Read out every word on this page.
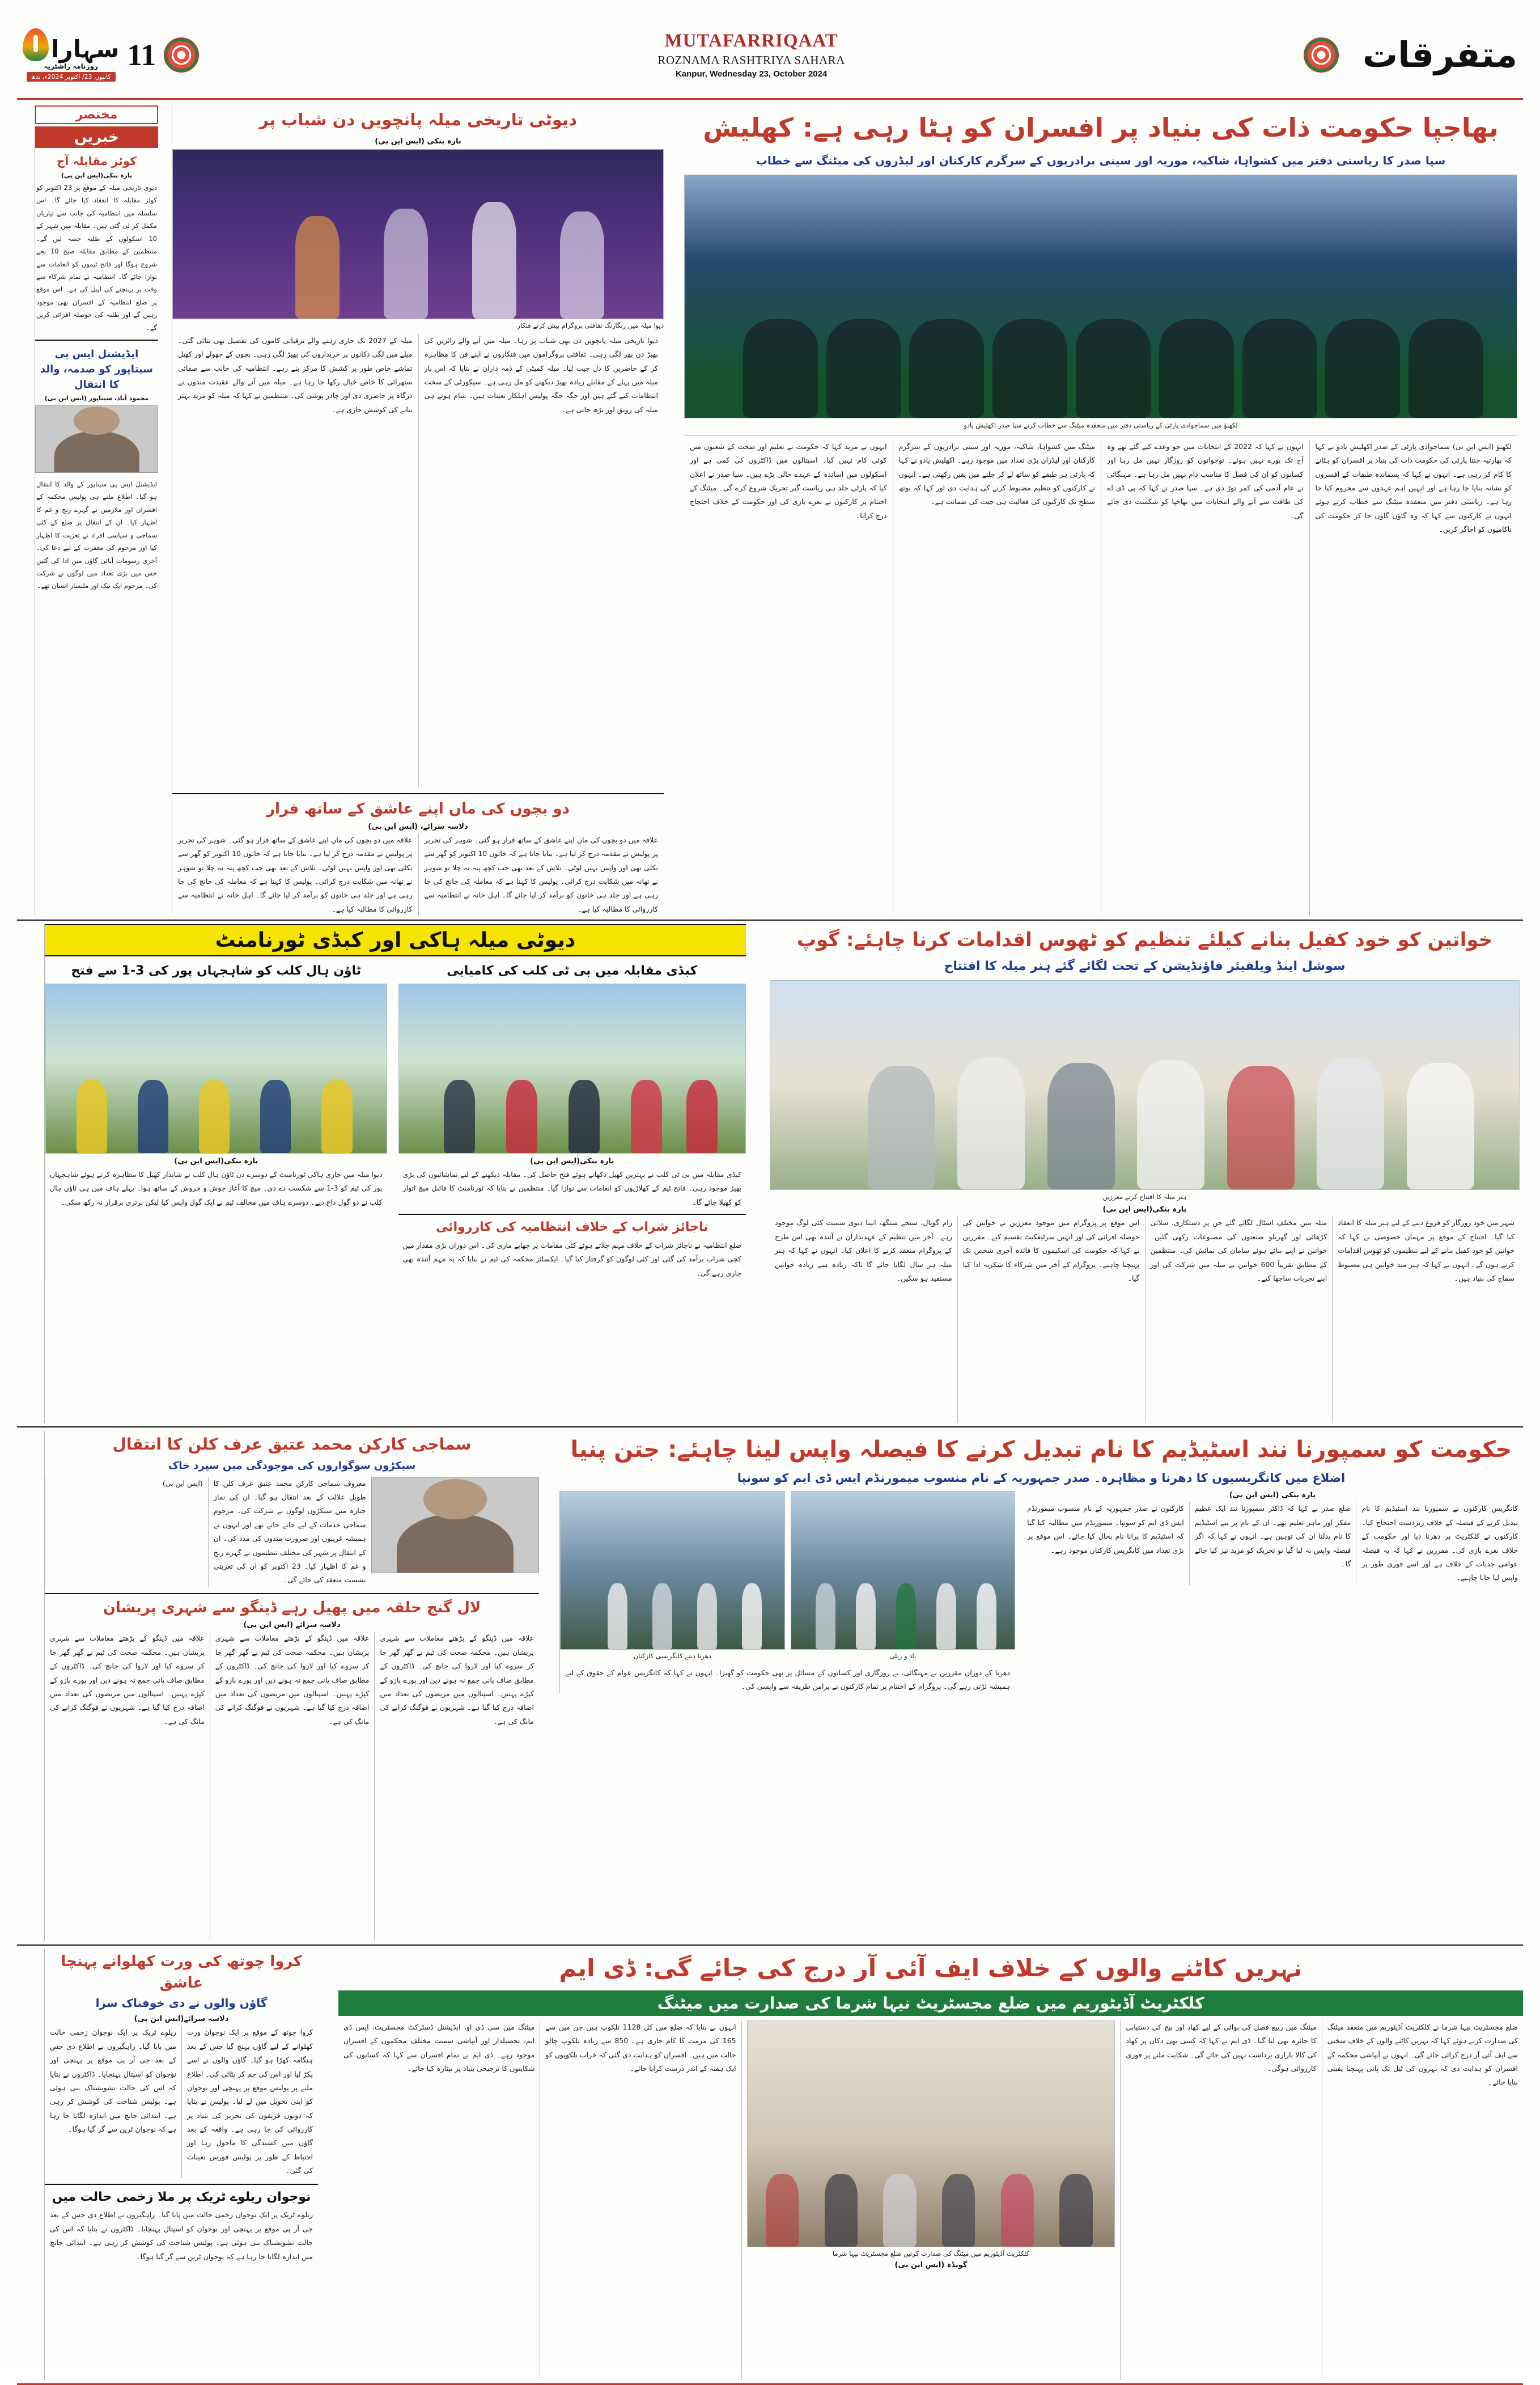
متفرقات
MUTAFARRIQAAT
ROZNAMA RASHTRIYA SAHARA
Kanpur, Wednesday 23, October 2024
11
سہارا
روزنامہ راشٹریہ
کانپور، 23/ اکتوبر 2024ء، بدھ
بھاجپا حکومت ذات کی بنیاد پر افسران کو ہٹا رہی ہے: کھلیش
سپا صدر کا ریاستی دفتر میں کشواہا، شاکیہ، موریہ اور سینی برادریوں کے سرگرم کارکنان اور لیڈروں کی میٹنگ سے خطاب
لکھنؤ میں سماجوادی پارٹی کے ریاستی دفتر میں منعقدہ میٹنگ سے خطاب کرتے سپا صدر اکھلیش یادو
لکھنؤ (ایس این بی) سماجوادی پارٹی کے صدر اکھلیش یادو نے کہا کہ بھارتیہ جنتا پارٹی کی حکومت ذات کی بنیاد پر افسران کو ہٹانے کا کام کر رہی ہے۔ انہوں نے کہا کہ پسماندہ طبقات کے افسروں کو نشانہ بنایا جا رہا ہے اور انہیں اہم عہدوں سے محروم کیا جا رہا ہے۔ ریاستی دفتر میں منعقدہ میٹنگ سے خطاب کرتے ہوئے انہوں نے کارکنوں سے کہا کہ وہ گاؤں گاؤں جا کر حکومت کی ناکامیوں کو اجاگر کریں۔
انہوں نے کہا کہ 2022 کے انتخابات میں جو وعدے کیے گئے تھے وہ آج تک پورے نہیں ہوئے۔ نوجوانوں کو روزگار نہیں مل رہا اور کسانوں کو ان کی فصل کا مناسب دام نہیں مل رہا ہے۔ مہنگائی نے عام آدمی کی کمر توڑ دی ہے۔ سپا صدر نے کہا کہ پی ڈی اے کی طاقت سے آنے والے انتخابات میں بھاجپا کو شکست دی جائے گی۔
میٹنگ میں کشواہا، شاکیہ، موریہ اور سینی برادریوں کے سرگرم کارکنان اور لیڈران بڑی تعداد میں موجود رہے۔ اکھلیش یادو نے کہا کہ پارٹی ہر طبقے کو ساتھ لے کر چلنے میں یقین رکھتی ہے۔ انہوں نے کارکنوں کو تنظیم مضبوط کرنے کی ہدایت دی اور کہا کہ بوتھ سطح تک کارکنوں کی فعالیت ہی جیت کی ضمانت ہے۔
انہوں نے مزید کہا کہ حکومت نے تعلیم اور صحت کے شعبوں میں کوئی کام نہیں کیا۔ اسپتالوں میں ڈاکٹروں کی کمی ہے اور اسکولوں میں اساتذہ کے عہدے خالی پڑے ہیں۔ سپا صدر نے اعلان کیا کہ پارٹی جلد ہی ریاست گیر تحریک شروع کرے گی۔ میٹنگ کے اختتام پر کارکنوں نے نعرے بازی کی اور حکومت کے خلاف احتجاج درج کرایا۔
دیوٹی تاریخی میلہ پانچویں دن شباب پر
بارہ بنکی (ایس این بی)
دیوا میلہ میں رنگارنگ ثقافتی پروگرام پیش کرتے فنکار
دیوا تاریخی میلہ پانچویں دن بھی شباب پر رہا۔ میلہ میں آنے والے زائرین کی بھیڑ دن بھر لگی رہی۔ ثقافتی پروگراموں میں فنکاروں نے اپنے فن کا مظاہرہ کر کے حاضرین کا دل جیت لیا۔ میلہ کمیٹی کے ذمہ داران نے بتایا کہ اس بار میلہ میں پہلے کے مقابلے زیادہ بھیڑ دیکھنے کو مل رہی ہے۔ سیکورٹی کے سخت انتظامات کیے گئے ہیں اور جگہ جگہ پولیس اہلکار تعینات ہیں۔ شام ہوتے ہی میلہ کی رونق اور بڑھ جاتی ہے۔
میلہ کے 2027 تک جاری رہنے والے ترقیاتی کاموں کی تفصیل بھی بتائی گئی۔ میلے میں لگی دکانوں پر خریداروں کی بھیڑ لگی رہی۔ بچوں کے جھولے اور کھیل تماشے خاص طور پر کشش کا مرکز بنے رہے۔ انتظامیہ کی جانب سے صفائی ستھرائی کا خاص خیال رکھا جا رہا ہے۔ میلہ میں آنے والے عقیدت مندوں نے درگاہ پر حاضری دی اور چادر پوشی کی۔ منتظمین نے کہا کہ میلہ کو مزید بہتر بنانے کی کوشش جاری ہے۔
دو بچوں کی ماں اپنے عاشق کے ساتھ فرار
دلاسہ سرائے، (ایس این بی)
علاقہ میں دو بچوں کی ماں اپنے عاشق کے ساتھ فرار ہو گئی۔ شوہر کی تحریر پر پولیس نے مقدمہ درج کر لیا ہے۔ بتایا جاتا ہے کہ خاتون 10 اکتوبر کو گھر سے نکلی تھی اور واپس نہیں لوٹی۔ تلاش کے بعد بھی جب کچھ پتہ نہ چلا تو شوہر نے تھانہ میں شکایت درج کرائی۔ پولیس کا کہنا ہے کہ معاملہ کی جانچ کی جا رہی ہے اور جلد ہی خاتون کو برآمد کر لیا جائے گا۔ اہل خانہ نے انتظامیہ سے کارروائی کا مطالبہ کیا ہے۔
علاقہ میں دو بچوں کی ماں اپنے عاشق کے ساتھ فرار ہو گئی۔ شوہر کی تحریر پر پولیس نے مقدمہ درج کر لیا ہے۔ بتایا جاتا ہے کہ خاتون 10 اکتوبر کو گھر سے نکلی تھی اور واپس نہیں لوٹی۔ تلاش کے بعد بھی جب کچھ پتہ نہ چلا تو شوہر نے تھانہ میں شکایت درج کرائی۔ پولیس کا کہنا ہے کہ معاملہ کی جانچ کی جا رہی ہے اور جلد ہی خاتون کو برآمد کر لیا جائے گا۔ اہل خانہ نے انتظامیہ سے کارروائی کا مطالبہ کیا ہے۔
مختصر
خبریں
کوئز مقابلہ آج
بارہ بنکی(ایس این بی)
دیوی تاریخی میلہ کے موقع پر 23 اکتوبر کو کوئز مقابلہ کا انعقاد کیا جائے گا۔ اس سلسلہ میں انتظامیہ کی جانب سے تیاریاں مکمل کر لی گئی ہیں۔ مقابلہ میں شہر کے 10 اسکولوں کے طلبہ حصہ لیں گے۔ منتظمین کے مطابق مقابلہ صبح 10 بجے شروع ہوگا اور فاتح ٹیموں کو انعامات سے نوازا جائے گا۔ انتظامیہ نے تمام شرکاء سے وقت پر پہنچنے کی اپیل کی ہے۔ اس موقع پر ضلع انتظامیہ کے افسران بھی موجود رہیں گے اور طلبہ کی حوصلہ افزائی کریں گے۔
ایڈیشنل ایس پی سیتاپور کو صدمہ، والد کا انتقال
محمود آباد، سیتاپور (ایس این بی)
ایڈیشنل ایس پی سیتاپور کے والد کا انتقال ہو گیا۔ اطلاع ملتے ہی پولیس محکمہ کے افسران اور ملازمین نے گہرے رنج و غم کا اظہار کیا۔ ان کے انتقال پر ضلع کے کئی سماجی و سیاسی افراد نے تعزیت کا اظہار کیا اور مرحوم کی مغفرت کے لیے دعا کی۔ آخری رسومات آبائی گاؤں میں ادا کی گئیں جس میں بڑی تعداد میں لوگوں نے شرکت کی۔ مرحوم ایک نیک اور ملنسار انسان تھے۔
خواتین کو خود کفیل بنانے کیلئے تنظیم کو ٹھوس اقدامات کرنا چاہئے: گوپ
سوشل اینڈ ویلفیئر فاؤنڈیشن کے تحت لگائے گئے ہنر میلہ کا افتتاح
ہنر میلہ کا افتتاح کرتے معززین
بارہ بنکی(ایس این بی)
شہر میں خود روزگار کو فروغ دینے کے لیے ہنر میلہ کا انعقاد کیا گیا۔ افتتاح کے موقع پر مہمان خصوصی نے کہا کہ خواتین کو خود کفیل بنانے کے لیے تنظیموں کو ٹھوس اقدامات کرنے ہوں گے۔ انہوں نے کہا کہ ہنر مند خواتین ہی مضبوط سماج کی بنیاد ہیں۔
میلہ میں مختلف اسٹال لگائے گئے جن پر دستکاری، سلائی کڑھائی اور گھریلو صنعتوں کی مصنوعات رکھی گئیں۔ خواتین نے اپنے بنائے ہوئے سامان کی نمائش کی۔ منتظمین کے مطابق تقریباً 600 خواتین نے میلہ میں شرکت کی اور اپنے تجربات ساجھا کیے۔
اس موقع پر پروگرام میں موجود معززین نے خواتین کی حوصلہ افزائی کی اور انہیں سرٹیفکیٹ تقسیم کیے۔ مقررین نے کہا کہ حکومت کی اسکیموں کا فائدہ آخری شخص تک پہنچنا چاہیے۔ پروگرام کے آخر میں شرکاء کا شکریہ ادا کیا گیا۔
رام گوپال، سنجے سنگھ، انیتا دیوی سمیت کئی لوگ موجود رہے۔ آخر میں تنظیم کے عہدیداران نے آئندہ بھی اس طرح کے پروگرام منعقد کرنے کا اعلان کیا۔ انہوں نے کہا کہ ہنر میلہ ہر سال لگایا جائے گا تاکہ زیادہ سے زیادہ خواتین مستفید ہو سکیں۔
دیوٹی میلہ ہاکی اور کبڈی ٹورنامنٹ
کبڈی مقابلہ میں بی ٹی کلب کی کامیابی
بارہ بنکی(ایس این بی)
کبڈی مقابلہ میں بی ٹی کلب نے بہترین کھیل دکھاتے ہوئے فتح حاصل کی۔ مقابلہ دیکھنے کے لیے تماشائیوں کی بڑی بھیڑ موجود رہی۔ فاتح ٹیم کے کھلاڑیوں کو انعامات سے نوازا گیا۔ منتظمین نے بتایا کہ ٹورنامنٹ کا فائنل میچ اتوار کو کھیلا جائے گا۔
ناجائز شراب کے خلاف انتظامیہ کی کارروائی
ضلع انتظامیہ نے ناجائز شراب کے خلاف مہم چلاتے ہوئے کئی مقامات پر چھاپے ماری کی۔ اس دوران بڑی مقدار میں کچی شراب برآمد کی گئی اور کئی لوگوں کو گرفتار کیا گیا۔ ایکسائز محکمہ کی ٹیم نے بتایا کہ یہ مہم آئندہ بھی جاری رہے گی۔
ٹاؤن ہال کلب کو شاہجہاں پور کی 3-1 سے فتح
بارہ بنکی(ایس این بی)
دیوا میلہ میں جاری ہاکی ٹورنامنٹ کے دوسرے دن ٹاؤن ہال کلب نے شاندار کھیل کا مظاہرہ کرتے ہوئے شاہجہاں پور کی ٹیم کو 3-1 سے شکست دے دی۔ میچ کا آغاز جوش و خروش کے ساتھ ہوا۔ پہلے ہاف میں ہی ٹاؤن ہال کلب نے دو گول داغ دیے۔ دوسرے ہاف میں مخالف ٹیم نے ایک گول واپس کیا لیکن برتری برقرار نہ رکھ سکی۔
حکومت کو سمپورنا نند اسٹیڈیم کا نام تبدیل کرنے کا فیصلہ واپس لینا چاہئے: جتن پنیا
اضلاع میں کانگریسیوں کا دھرنا و مظاہرہ۔ صدر جمہوریہ کے نام منسوب میمورنڈم ایس ڈی ایم کو سونپا
بارہ بنکی (ایس این بی)
کانگریس کارکنوں نے سمپورنا نند اسٹیڈیم کا نام تبدیل کرنے کے فیصلہ کے خلاف زبردست احتجاج کیا۔ کارکنوں نے کلکٹریٹ پر دھرنا دیا اور حکومت کے خلاف نعرے بازی کی۔ مقررین نے کہا کہ یہ فیصلہ عوامی جذبات کے خلاف ہے اور اسے فوری طور پر واپس لیا جانا چاہیے۔
ضلع صدر نے کہا کہ ڈاکٹر سمپورنا نند ایک عظیم مفکر اور ماہر تعلیم تھے۔ ان کے نام پر بنے اسٹیڈیم کا نام بدلنا ان کی توہین ہے۔ انہوں نے کہا کہ اگر فیصلہ واپس نہ لیا گیا تو تحریک کو مزید تیز کیا جائے گا۔
کارکنوں نے صدر جمہوریہ کے نام منسوب میمورنڈم ایس ڈی ایم کو سونپا۔ میمورنڈم میں مطالبہ کیا گیا کہ اسٹیڈیم کا پرانا نام بحال کیا جائے۔ اس موقع پر بڑی تعداد میں کانگریس کارکنان موجود رہے۔
یاد و ریلی
دھرنا دیتے کانگریسی کارکنان
دھرنا کے دوران مقررین نے مہنگائی، بے روزگاری اور کسانوں کے مسائل پر بھی حکومت کو گھیرا۔ انہوں نے کہا کہ کانگریس عوام کے حقوق کے لیے ہمیشہ لڑتی رہے گی۔ پروگرام کے اختتام پر تمام کارکنوں نے پرامن طریقہ سے واپسی کی۔
سماجی کارکن محمد عتیق عرف کلن کا انتقال
سیکڑوں سوگواروں کی موجودگی میں سپرد خاک
معروف سماجی کارکن محمد عتیق عرف کلن کا طویل علالت کے بعد انتقال ہو گیا۔ ان کی نماز جنازہ میں سیکڑوں لوگوں نے شرکت کی۔ مرحوم سماجی خدمات کے لیے جانے جاتے تھے اور انہوں نے ہمیشہ غریبوں اور ضرورت مندوں کی مدد کی۔ ان کے انتقال پر شہر کی مختلف تنظیموں نے گہرے رنج و غم کا اظہار کیا۔ 23 اکتوبر کو ان کی تعزیتی نشست منعقد کی جائے گی۔
(ایس این بی)
لال گنج حلقہ میں پھیل رہے ڈینگو سے شہری پریشان
دلاسہ سرائے (ایس این بی)
علاقہ میں ڈینگو کے بڑھتے معاملات سے شہری پریشان ہیں۔ محکمہ صحت کی ٹیم نے گھر گھر جا کر سروے کیا اور لاروا کی جانچ کی۔ ڈاکٹروں کے مطابق صاف پانی جمع نہ ہونے دیں اور پورے بازو کے کپڑے پہنیں۔ اسپتالوں میں مریضوں کی تعداد میں اضافہ درج کیا گیا ہے۔ شہریوں نے فوگنگ کرانے کی مانگ کی ہے۔
علاقہ میں ڈینگو کے بڑھتے معاملات سے شہری پریشان ہیں۔ محکمہ صحت کی ٹیم نے گھر گھر جا کر سروے کیا اور لاروا کی جانچ کی۔ ڈاکٹروں کے مطابق صاف پانی جمع نہ ہونے دیں اور پورے بازو کے کپڑے پہنیں۔ اسپتالوں میں مریضوں کی تعداد میں اضافہ درج کیا گیا ہے۔ شہریوں نے فوگنگ کرانے کی مانگ کی ہے۔
علاقہ میں ڈینگو کے بڑھتے معاملات سے شہری پریشان ہیں۔ محکمہ صحت کی ٹیم نے گھر گھر جا کر سروے کیا اور لاروا کی جانچ کی۔ ڈاکٹروں کے مطابق صاف پانی جمع نہ ہونے دیں اور پورے بازو کے کپڑے پہنیں۔ اسپتالوں میں مریضوں کی تعداد میں اضافہ درج کیا گیا ہے۔ شہریوں نے فوگنگ کرانے کی مانگ کی ہے۔
نہریں کاٹنے والوں کے خلاف ایف آئی آر درج کی جائے گی: ڈی ایم
کلکٹریٹ آڈیٹوریم میں ضلع مجسٹریٹ نیہا شرما کی صدارت میں میٹنگ
ضلع مجسٹریٹ نیہا شرما نے کلکٹریٹ آڈیٹوریم میں منعقد میٹنگ کی صدارت کرتے ہوئے کہا کہ نہریں کاٹنے والوں کے خلاف سختی سے ایف آئی آر درج کرائی جائے گی۔ انہوں نے آبپاشی محکمہ کے افسران کو ہدایت دی کہ نہروں کی ٹیل تک پانی پہنچنا یقینی بنایا جائے۔
میٹنگ میں ربیع فصل کی بوائی کے لیے کھاد اور بیج کی دستیابی کا جائزہ بھی لیا گیا۔ ڈی ایم نے کہا کہ کسی بھی دکان پر کھاد کی کالا بازاری برداشت نہیں کی جائے گی۔ شکایت ملنے پر فوری کارروائی ہوگی۔
کلکٹریٹ آڈیٹوریم میں میٹنگ کی صدارت کرتیں ضلع مجسٹریٹ نیہا شرما
گونڈہ (ایس این بی)
انہوں نے بتایا کہ ضلع میں کل 1128 نلکوپ ہیں جن میں سے 165 کی مرمت کا کام جاری ہے۔ 850 سے زیادہ نلکوپ چالو حالت میں ہیں۔ افسران کو ہدایت دی گئی کہ خراب نلکوپوں کو ایک ہفتہ کے اندر درست کرایا جائے۔
میٹنگ میں سی ڈی او، ایڈیشنل ڈسٹرکٹ مجسٹریٹ، ایس ڈی ایم، تحصیلدار اور آبپاشی سمیت مختلف محکموں کے افسران موجود رہے۔ ڈی ایم نے تمام افسران سے کہا کہ کسانوں کی شکایتوں کا ترجیحی بنیاد پر نپٹارہ کیا جائے۔
کروا چوتھ کی ورت کھلوانے پہنچا عاشق
گاؤں والوں نے دی خوفناک سزا
دلاسہ سرائے(ایس این بی)
کروا چوتھ کے موقع پر ایک نوجوان ورت کھلوانے کے لیے گاؤں پہنچ گیا جس کے بعد ہنگامہ کھڑا ہو گیا۔ گاؤں والوں نے اسے پکڑ لیا اور اس کی جم کر پٹائی کی۔ اطلاع ملنے پر پولیس موقع پر پہنچی اور نوجوان کو اپنی تحویل میں لے لیا۔ پولیس نے بتایا کہ دونوں فریقوں کی تحریر کی بنیاد پر کارروائی کی جا رہی ہے۔ واقعہ کے بعد گاؤں میں کشیدگی کا ماحول رہا اور احتیاط کے طور پر پولیس فورس تعینات کی گئی۔
ریلوے ٹریک پر ایک نوجوان زخمی حالت میں پایا گیا۔ راہگیروں نے اطلاع دی جس کے بعد جی آر پی موقع پر پہنچی اور نوجوان کو اسپتال پہنچایا۔ ڈاکٹروں نے بتایا کہ اس کی حالت تشویشناک بنی ہوئی ہے۔ پولیس شناخت کی کوشش کر رہی ہے۔ ابتدائی جانچ میں اندازہ لگایا جا رہا ہے کہ نوجوان ٹرین سے گر گیا ہوگا۔
نوجوان ریلوے ٹریک پر ملا زخمی حالت میں
ریلوے ٹریک پر ایک نوجوان زخمی حالت میں پایا گیا۔ راہگیروں نے اطلاع دی جس کے بعد جی آر پی موقع پر پہنچی اور نوجوان کو اسپتال پہنچایا۔ ڈاکٹروں نے بتایا کہ اس کی حالت تشویشناک بنی ہوئی ہے۔ پولیس شناخت کی کوشش کر رہی ہے۔ ابتدائی جانچ میں اندازہ لگایا جا رہا ہے کہ نوجوان ٹرین سے گر گیا ہوگا۔
